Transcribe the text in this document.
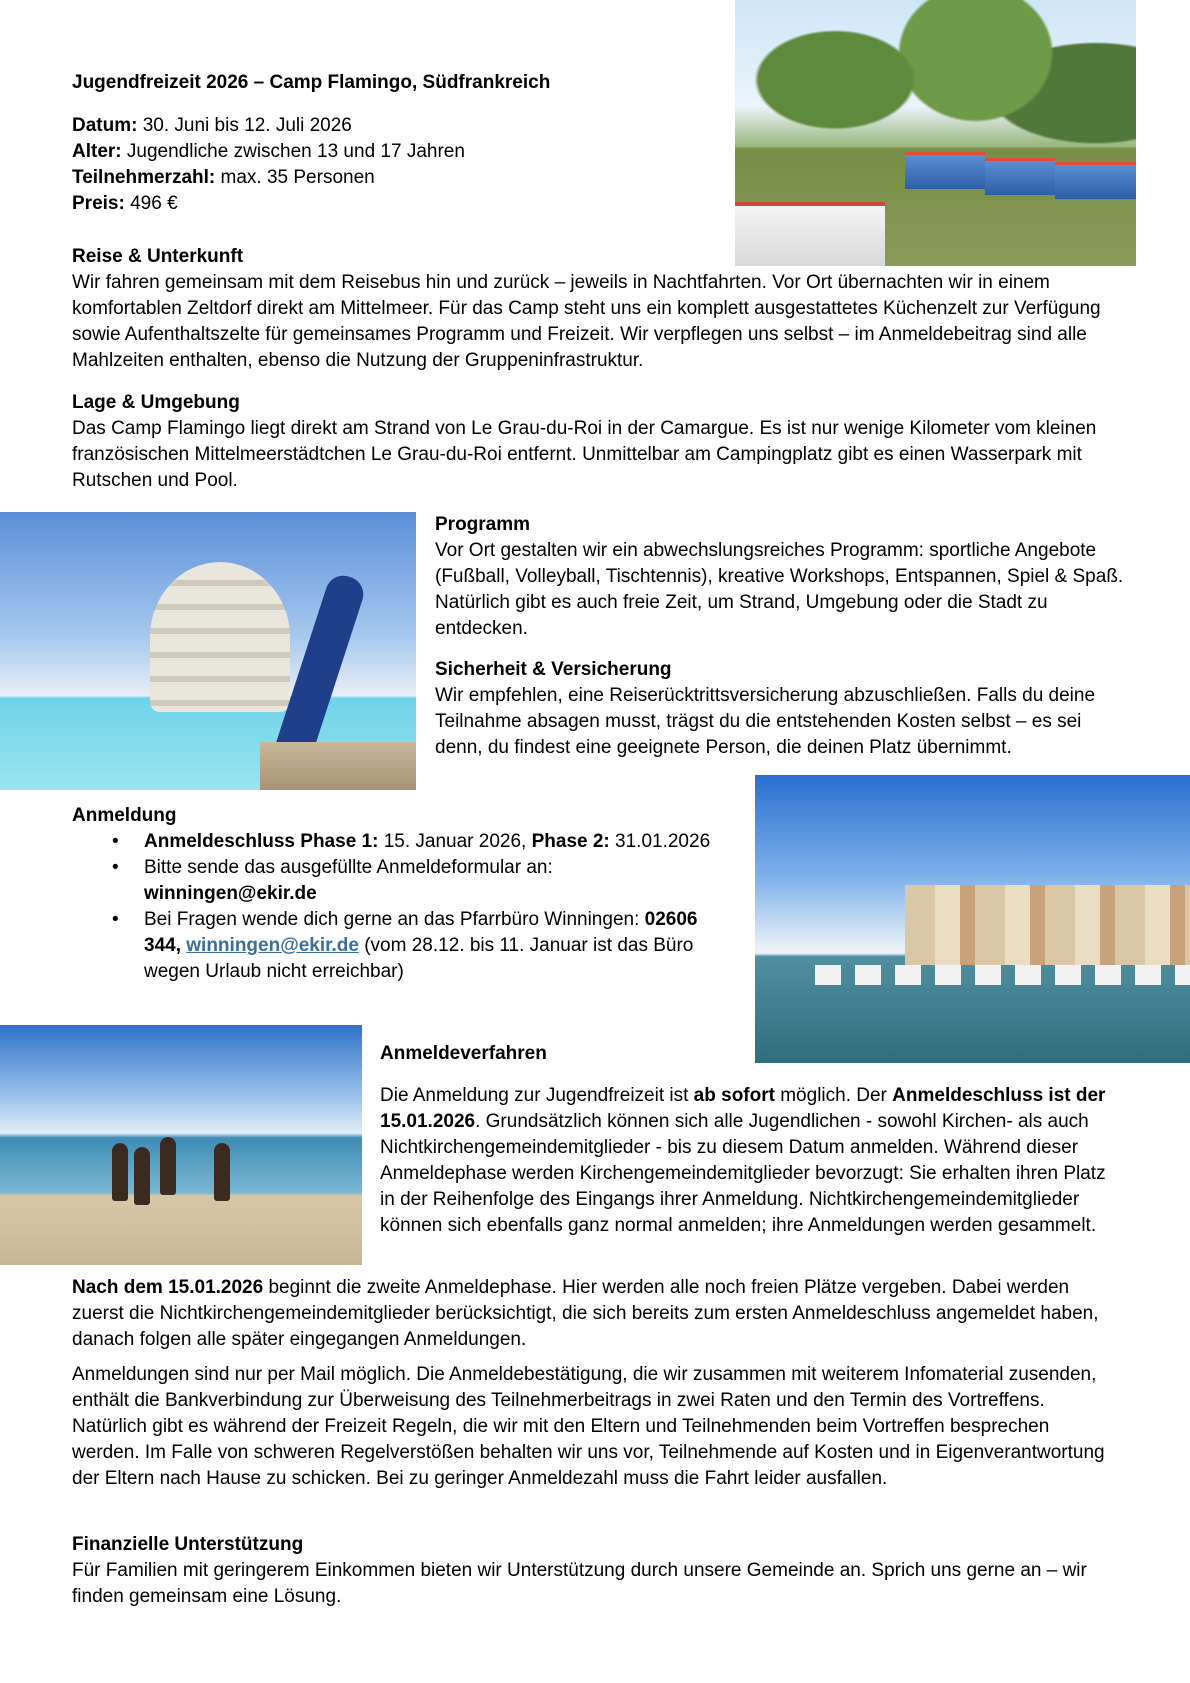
Jugendfreizeit 2026 – Camp Flamingo, Südfrankreich

Datum: 30. Juni bis 12. Juli 2026

Alter: Jugendliche zwischen 13 und 17 Jahren

Teilnehmerzahl: max. 35 Personen

Preis: 496 €

Reise & Unterkunft

Wir fahren gemeinsam mit dem Reisebus hin und zurück – jeweils in Nachtfahrten. Vor Ort übernachten wir in einem komfortablen Zeltdorf direkt am Mittelmeer. Für das Camp steht uns ein komplett ausgestattetes Küchenzelt zur Verfügung sowie Aufenthaltszelte für gemeinsames Programm und Freizeit. Wir verpflegen uns selbst – im Anmeldebeitrag sind alle Mahlzeiten enthalten, ebenso die Nutzung der Gruppeninfrastruktur.

Lage & Umgebung

Das Camp Flamingo liegt direkt am Strand von Le Grau-du-Roi in der Camargue. Es ist nur wenige Kilometer vom kleinen französischen Mittelmeerstädtchen Le Grau-du-Roi entfernt. Unmittelbar am Campingplatz gibt es einen Wasserpark mit Rutschen und Pool.

Programm

Vor Ort gestalten wir ein abwechslungsreiches Programm: sportliche Angebote (Fußball, Volleyball, Tischtennis), kreative Workshops, Entspannen, Spiel & Spaß. Natürlich gibt es auch freie Zeit, um Strand, Umgebung oder die Stadt zu entdecken.

Sicherheit & Versicherung

Wir empfehlen, eine Reiserücktrittsversicherung abzuschließen. Falls du deine Teilnahme absagen musst, trägst du die entstehenden Kosten selbst – es sei denn, du findest eine geeignete Person, die deinen Platz übernimmt.

Anmeldung
• Anmeldeschluss Phase 1: 15. Januar 2026, Phase 2: 31.01.2026
• Bitte sende das ausgefüllte Anmeldeformular an: winningen@ekir.de
• Bei Fragen wende dich gerne an das Pfarrbüro Winningen: 02606 344, winningen@ekir.de (vom 28.12. bis 11. Januar ist das Büro wegen Urlaub nicht erreichbar)
Anmeldeverfahren

Die Anmeldung zur Jugendfreizeit ist ab sofort möglich. Der Anmeldeschluss ist der 15.01.2026. Grundsätzlich können sich alle Jugendlichen - sowohl Kirchen- als auch Nichtkirchengemeindemitglieder - bis zu diesem Datum anmelden. Während dieser Anmeldephase werden Kirchengemeindemitglieder bevorzugt: Sie erhalten ihren Platz in der Reihenfolge des Eingangs ihrer Anmeldung. Nichtkirchengemeindemitglieder können sich ebenfalls ganz normal anmelden; ihre Anmeldungen werden gesammelt.

Nach dem 15.01.2026 beginnt die zweite Anmeldephase. Hier werden alle noch freien Plätze vergeben. Dabei werden zuerst die Nichtkirchengemeindemitglieder berücksichtigt, die sich bereits zum ersten Anmeldeschluss angemeldet haben, danach folgen alle später eingegangen Anmeldungen.

Anmeldungen sind nur per Mail möglich. Die Anmeldebestätigung, die wir zusammen mit weiterem Infomaterial zusenden, enthält die Bankverbindung zur Überweisung des Teilnehmerbeitrags in zwei Raten und den Termin des Vortreffens. Natürlich gibt es während der Freizeit Regeln, die wir mit den Eltern und Teilnehmenden beim Vortreffen besprechen werden. Im Falle von schweren Regelverstößen behalten wir uns vor, Teilnehmende auf Kosten und in Eigenverantwortung der Eltern nach Hause zu schicken. Bei zu geringer Anmeldezahl muss die Fahrt leider ausfallen.

Finanzielle Unterstützung

Für Familien mit geringerem Einkommen bieten wir Unterstützung durch unsere Gemeinde an. Sprich uns gerne an – wir finden gemeinsam eine Lösung.
